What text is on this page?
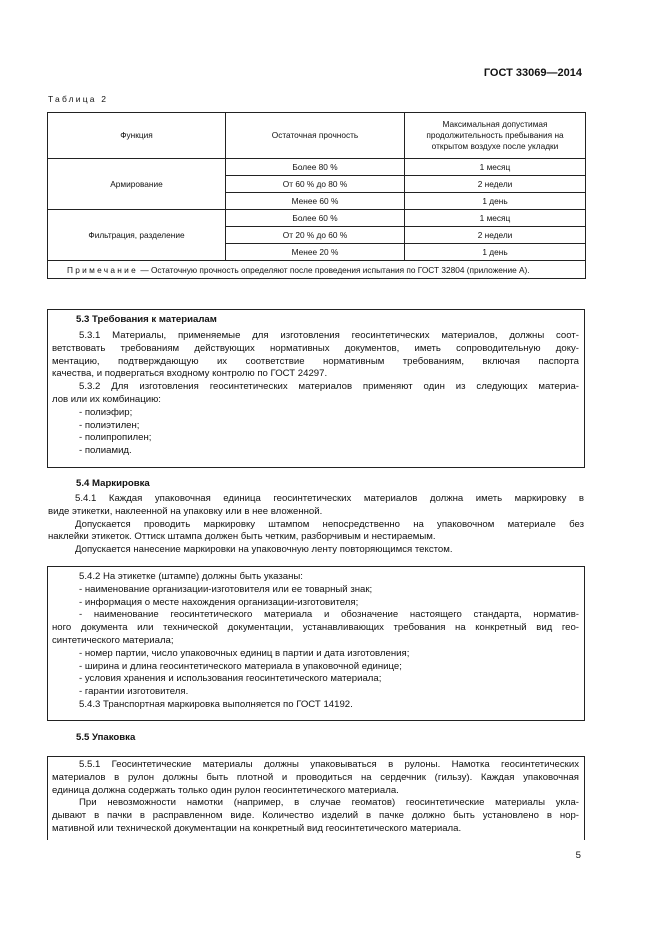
ГОСТ 33069—2014
Таблица 2
Функция	Остаточная прочность	Максимальная допустимая продолжительность пребывания на открытом воздухе после укладки
Армирование	Более 80 %	1 месяц
	От 60 % до 80 %	2 недели
	Менее 60 %	1 день
Фильтрация, разделение	Более 60 %	1 месяц
	От 20 % до 60 %	2 недели
	Менее 20 %	1 день
Примечание — Остаточную прочность определяют после проведения испытания по ГОСТ 32804 (приложение А).		
5.3 Требования к материалам

5.3.1 Материалы, применяемые для изготовления геосинтетических материалов, должны соот-

ветствовать требованиям действующих нормативных документов, иметь сопроводительную доку-

ментацию, подтверждающую их соответствие нормативным требованиям, включая паспорта

качества, и подвергаться входному контролю по ГОСТ 24297.

5.3.2 Для изготовления геосинтетических материалов применяют один из следующих материа-

лов или их комбинацию:

- полиэфир;

- полиэтилен;

- полипропилен;

- полиамид.

5.4 Маркировка

5.4.1 Каждая упаковочная единица геосинтетических материалов должна иметь маркировку в

виде этикетки, наклеенной на упаковку или в нее вложенной.

Допускается проводить маркировку штампом непосредственно на упаковочном материале без

наклейки этикеток. Оттиск штампа должен быть четким, разборчивым и нестираемым.

Допускается нанесение маркировки на упаковочную ленту повторяющимся текстом.

5.4.2 На этикетке (штампе) должны быть указаны:

- наименование организации-изготовителя или ее товарный знак;

- информация о месте нахождения организации-изготовителя;

- наименование геосинтетического материала и обозначение настоящего стандарта, норматив-

ного документа или технической документации, устанавливающих требования на конкретный вид гео-

синтетического материала;

- номер партии, число упаковочных единиц в партии и дата изготовления;

- ширина и длина геосинтетического материала в упаковочной единице;

- условия хранения и использования геосинтетического материала;

- гарантии изготовителя.

5.4.3 Транспортная маркировка выполняется по ГОСТ 14192.

5.5 Упаковка

5.5.1 Геосинтетические материалы должны упаковываться в рулоны. Намотка геосинтетических

материалов в рулон должны быть плотной и проводиться на сердечник (гильзу). Каждая упаковочная

единица должна содержать только один рулон геосинтетического материала.

При невозможности намотки (например, в случае геоматов) геосинтетические материалы укла-

дывают в пачки в расправленном виде. Количество изделий в пачке должно быть установлено в нор-

мативной или технической документации на конкретный вид геосинтетического материала.

5
